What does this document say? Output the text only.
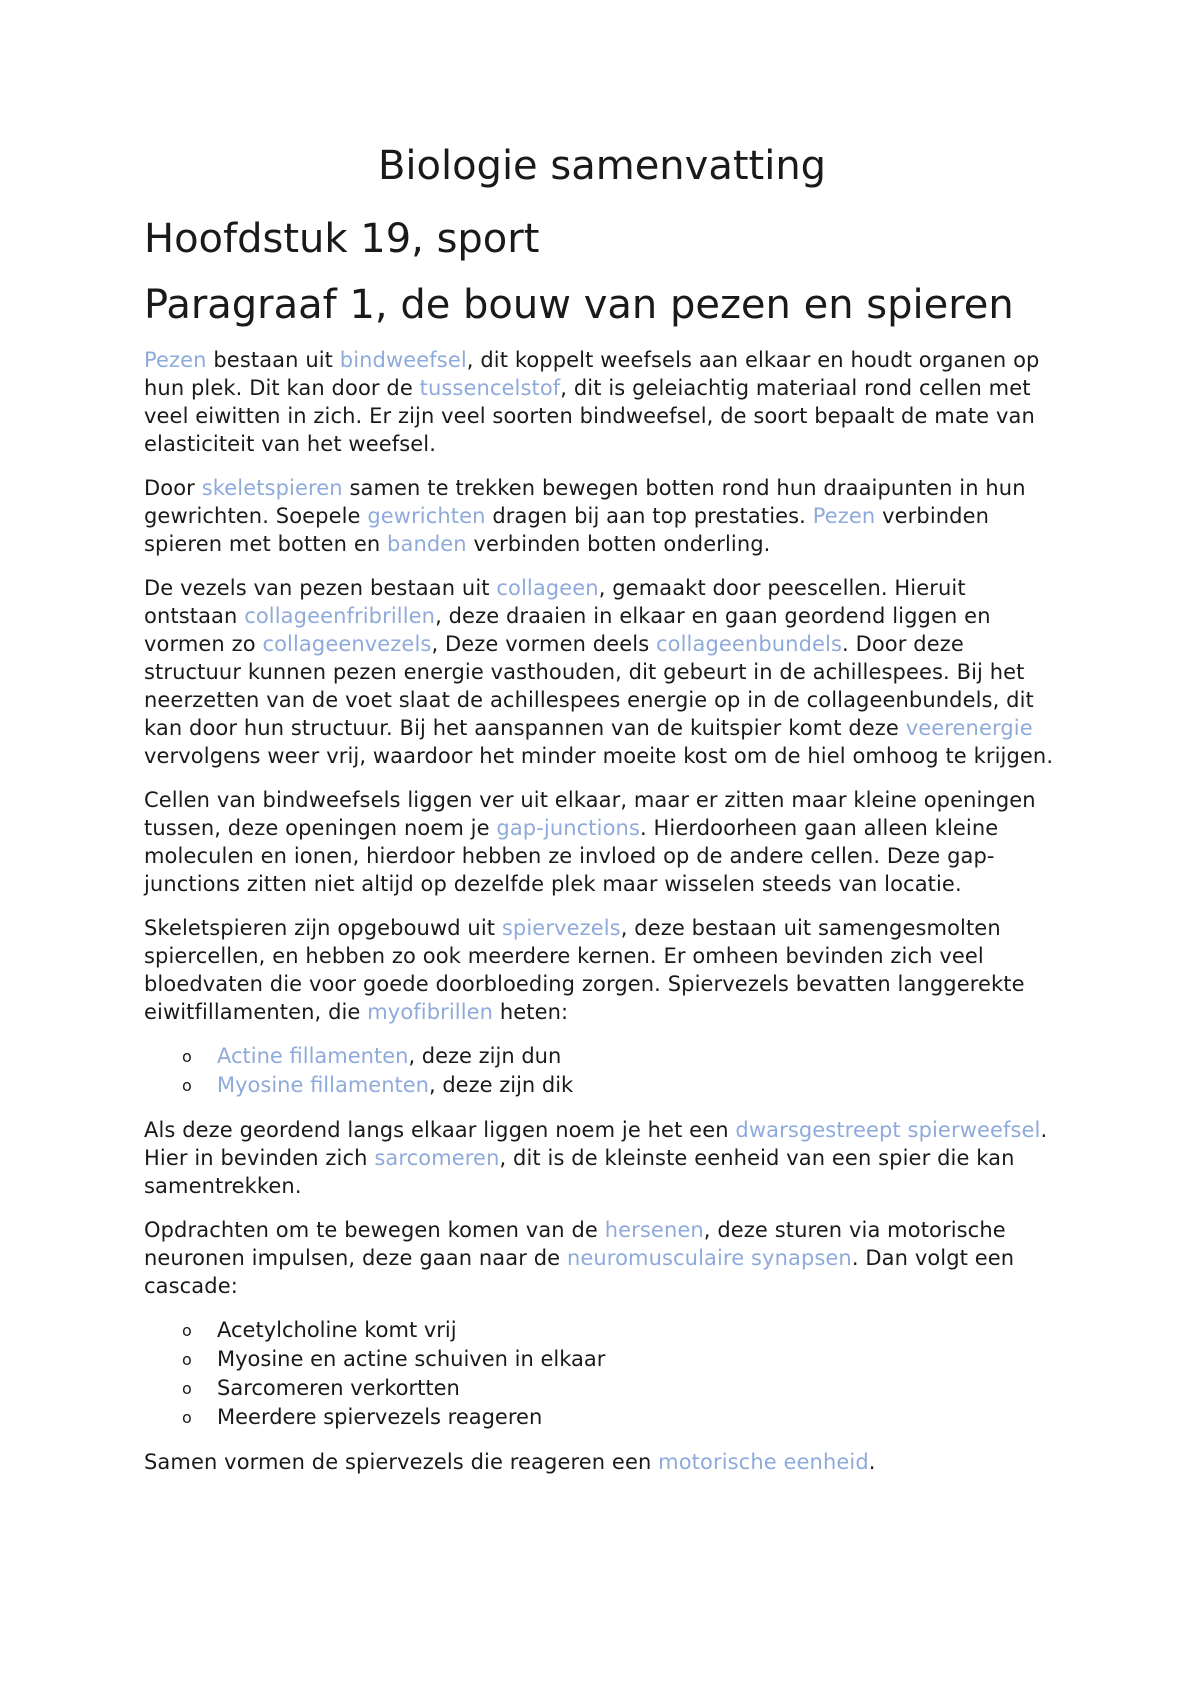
Biologie samenvatting
Hoofdstuk 19, sport
Paragraaf 1, de bouw van pezen en spieren

Pezen bestaan uit bindweefsel, dit koppelt weefsels aan elkaar en houdt organen op hun plek. Dit kan door de tussencelstof, dit is geleiachtig materiaal rond cellen met veel eiwitten in zich. Er zijn veel soorten bindweefsel, de soort bepaalt de mate van elasticiteit van het weefsel.

Door skeletspieren samen te trekken bewegen botten rond hun draaipunten in hun gewrichten. Soepele gewrichten dragen bij aan top prestaties. Pezen verbinden spieren met botten en banden verbinden botten onderling.

De vezels van pezen bestaan uit collageen, gemaakt door peescellen. Hieruit ontstaan collageenfribrillen, deze draaien in elkaar en gaan geordend liggen en vormen zo collageenvezels, Deze vormen deels collageenbundels. Door deze structuur kunnen pezen energie vasthouden, dit gebeurt in de achillespees. Bij het neerzetten van de voet slaat de achillespees energie op in de collageenbundels, dit kan door hun structuur. Bij het aanspannen van de kuitspier komt deze veerenergie vervolgens weer vrij, waardoor het minder moeite kost om de hiel omhoog te krijgen.

Cellen van bindweefsels liggen ver uit elkaar, maar er zitten maar kleine openingen tussen, deze openingen noem je gap-junctions. Hierdoorheen gaan alleen kleine moleculen en ionen, hierdoor hebben ze invloed op de andere cellen. Deze gap-junctions zitten niet altijd op dezelfde plek maar wisselen steeds van locatie.

Skeletspieren zijn opgebouwd uit spiervezels, deze bestaan uit samengesmolten spiercellen, en hebben zo ook meerdere kernen. Er omheen bevinden zich veel bloedvaten die voor goede doorbloeding zorgen. Spiervezels bevatten langgerekte eiwitfillamenten, die myofibrillen heten:

o Actine fillamenten, deze zijn dun
o Myosine fillamenten, deze zijn dik

Als deze geordend langs elkaar liggen noem je het een dwarsgestreept spierweefsel. Hier in bevinden zich sarcomeren, dit is de kleinste eenheid van een spier die kan samentrekken.

Opdrachten om te bewegen komen van de hersenen, deze sturen via motorische neuronen impulsen, deze gaan naar de neuromusculaire synapsen. Dan volgt een cascade:

o Acetylcholine komt vrij
o Myosine en actine schuiven in elkaar
o Sarcomeren verkortten
o Meerdere spiervezels reageren

Samen vormen de spiervezels die reageren een motorische eenheid.
